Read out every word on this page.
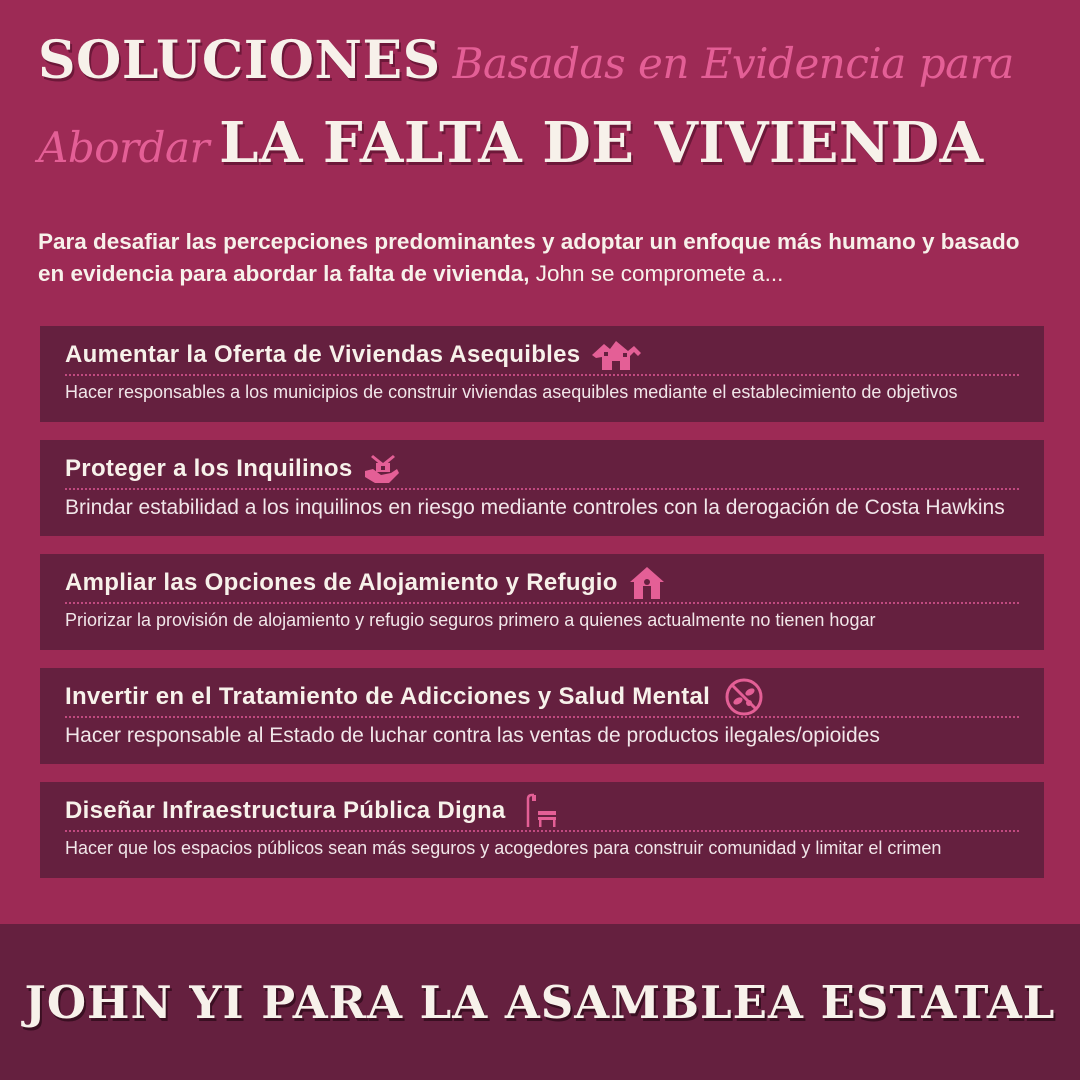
SOLUCIONES Basadas en Evidencia para
Abordar LA FALTA DE VIVIENDA
Para desafiar las percepciones predominantes y adoptar un enfoque más humano y basado en evidencia para abordar la falta de vivienda, John se compromete a...
Aumentar la Oferta de Viviendas Asequibles
Hacer responsables a los municipios de construir viviendas asequibles mediante el establecimiento de objetivos
Proteger a los Inquilinos
Brindar estabilidad a los inquilinos en riesgo mediante controles con la derogación de Costa Hawkins
Ampliar las Opciones de Alojamiento y Refugio
Priorizar la provisión de alojamiento y refugio seguros primero a quienes actualmente no tienen hogar
Invertir en el Tratamiento de Adicciones y Salud Mental
Hacer responsable al Estado de luchar contra las ventas de productos ilegales/opioides
Diseñar Infraestructura Pública Digna
Hacer que los espacios públicos sean más seguros y acogedores para construir comunidad y limitar el crimen
JOHN YI PARA LA ASAMBLEA ESTATAL
